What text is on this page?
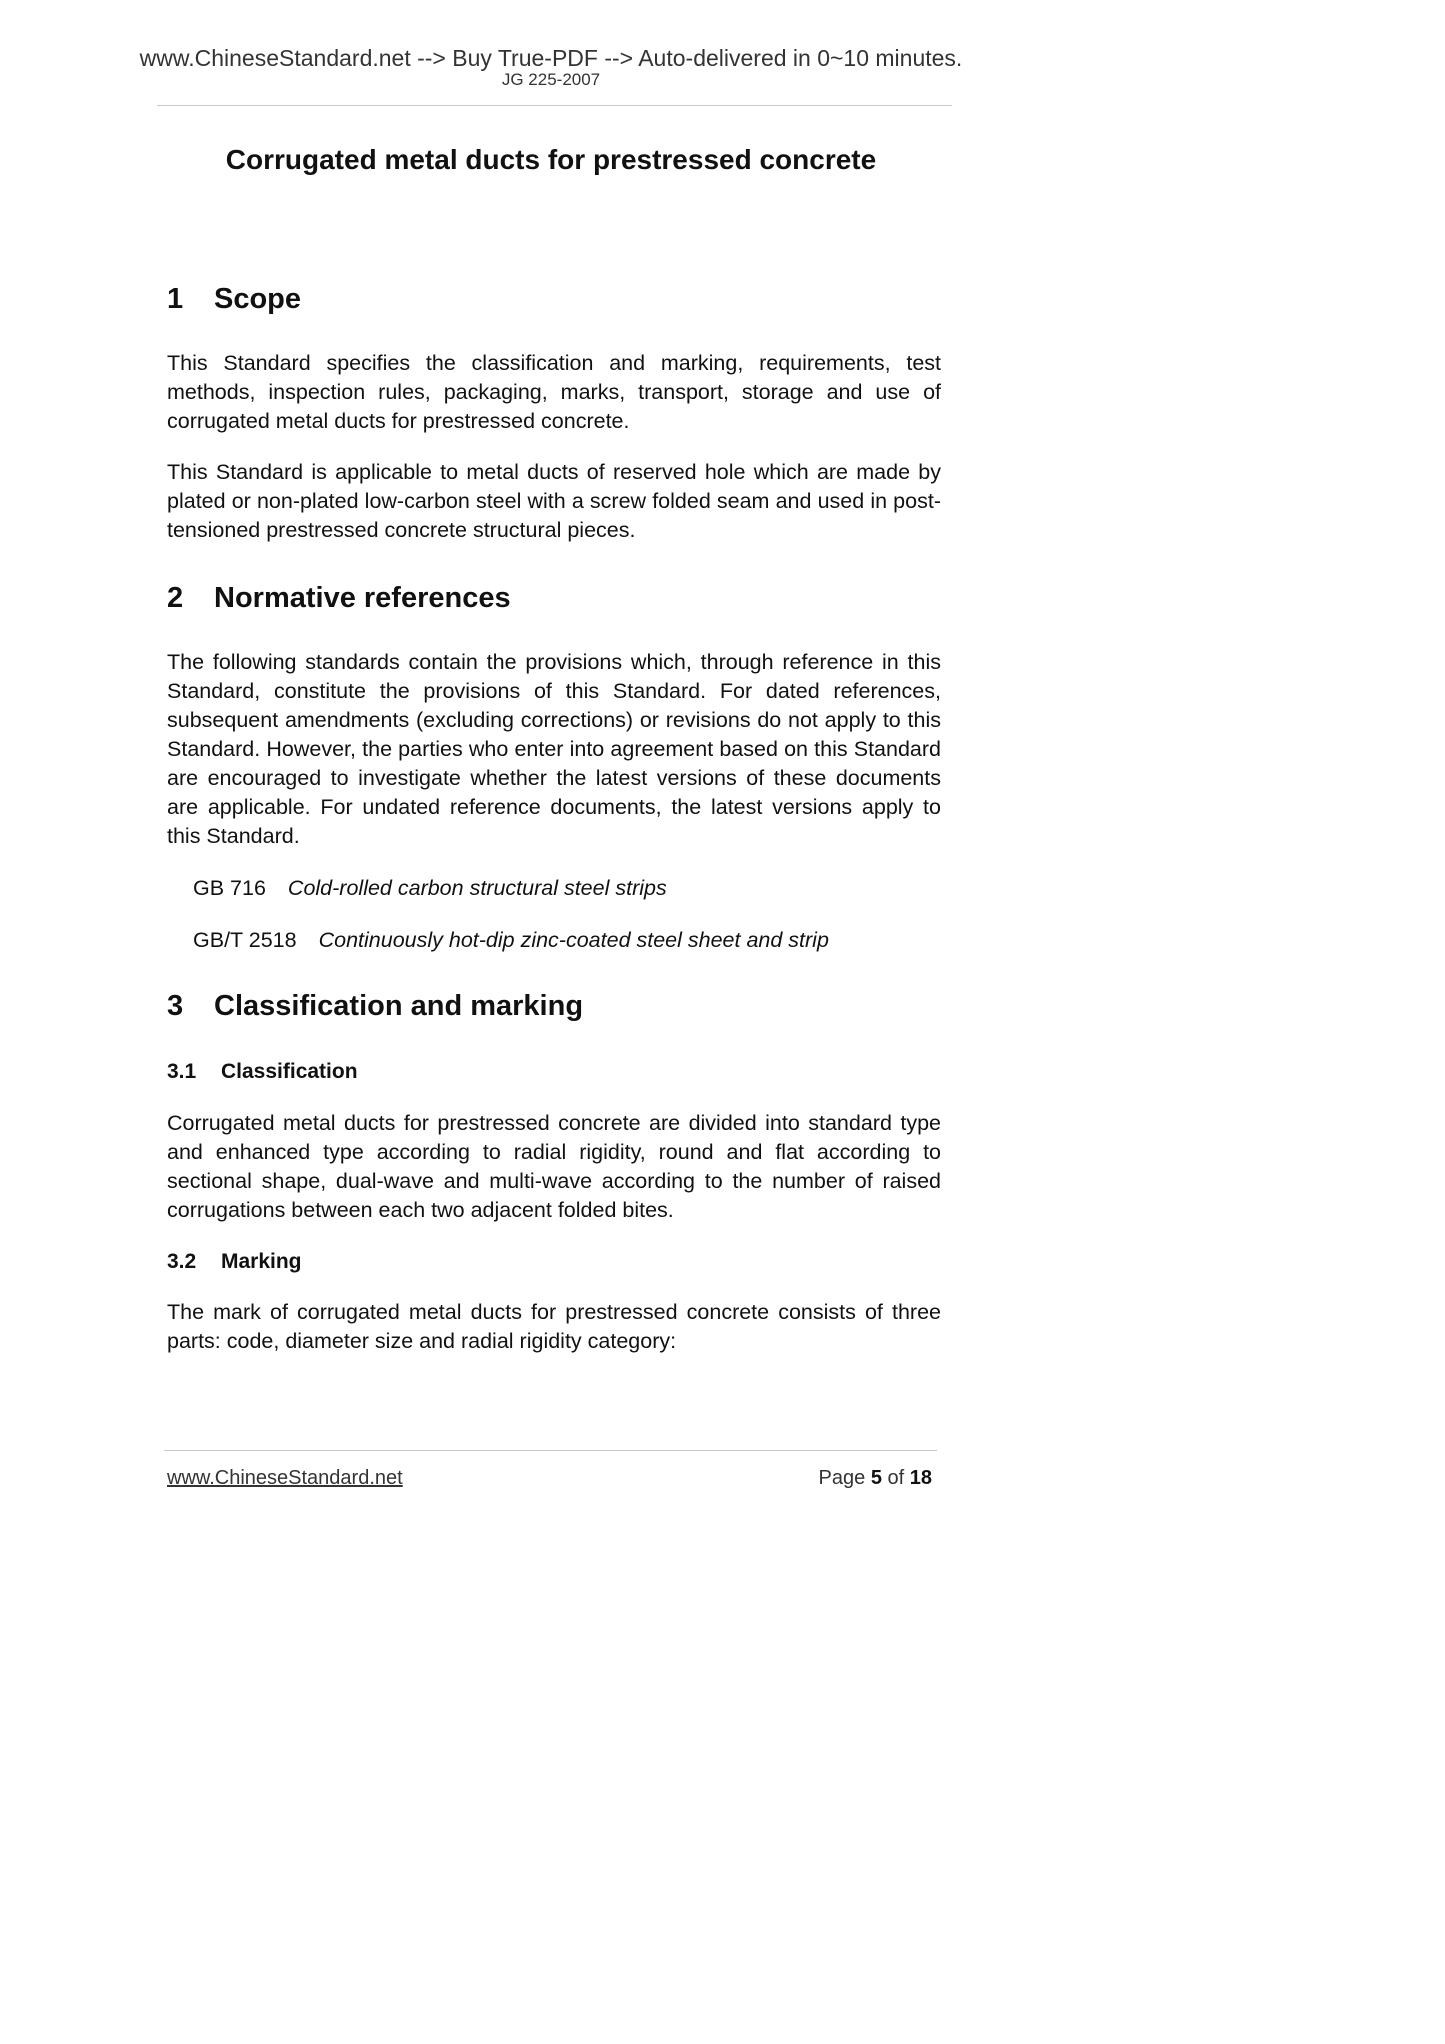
www.ChineseStandard.net --> Buy True-PDF --> Auto-delivered in 0~10 minutes.
JG 225-2007
Corrugated metal ducts for prestressed concrete
1 Scope

This Standard specifies the classification and marking, requirements, test methods, inspection rules, packaging, marks, transport, storage and use of corrugated metal ducts for prestressed concrete.

This Standard is applicable to metal ducts of reserved hole which are made by plated or non-plated low-carbon steel with a screw folded seam and used in post-tensioned prestressed concrete structural pieces.

2 Normative references

The following standards contain the provisions which, through reference in this Standard, constitute the provisions of this Standard. For dated references, subsequent amendments (excluding corrections) or revisions do not apply to this Standard. However, the parties who enter into agreement based on this Standard are encouraged to investigate whether the latest versions of these documents are applicable. For undated reference documents, the latest versions apply to this Standard.

GB 716 Cold-rolled carbon structural steel strips
GB/T 2518 Continuously hot-dip zinc-coated steel sheet and strip
3 Classification and marking
3.1 Classification

Corrugated metal ducts for prestressed concrete are divided into standard type and enhanced type according to radial rigidity, round and flat according to sectional shape, dual-wave and multi-wave according to the number of raised corrugations between each two adjacent folded bites.

3.2 Marking

The mark of corrugated metal ducts for prestressed concrete consists of three parts: code, diameter size and radial rigidity category:

www.ChineseStandard.net	Page 5 of 18
